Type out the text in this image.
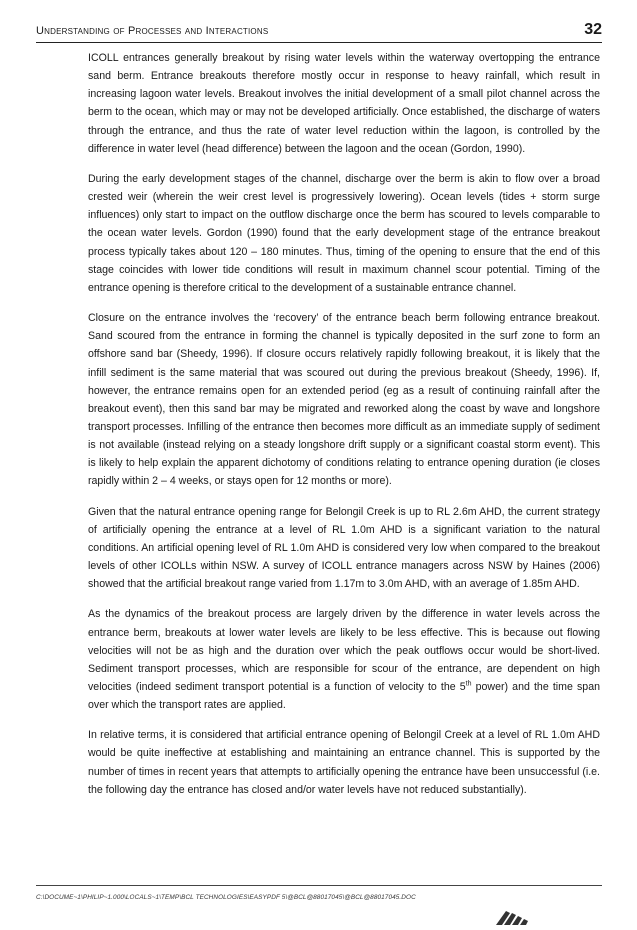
Understanding of Processes and Interactions	32

ICOLL entrances generally breakout by rising water levels within the waterway overtopping the entrance sand berm. Entrance breakouts therefore mostly occur in response to heavy rainfall, which result in increasing lagoon water levels. Breakout involves the initial development of a small pilot channel across the berm to the ocean, which may or may not be developed artificially. Once established, the discharge of waters through the entrance, and thus the rate of water level reduction within the lagoon, is controlled by the difference in water level (head difference) between the lagoon and the ocean (Gordon, 1990).

During the early development stages of the channel, discharge over the berm is akin to flow over a broad crested weir (wherein the weir crest level is progressively lowering). Ocean levels (tides + storm surge influences) only start to impact on the outflow discharge once the berm has scoured to levels comparable to the ocean water levels. Gordon (1990) found that the early development stage of the entrance breakout process typically takes about 120 – 180 minutes. Thus, timing of the opening to ensure that the end of this stage coincides with lower tide conditions will result in maximum channel scour potential. Timing of the entrance opening is therefore critical to the development of a sustainable entrance channel.

Closure on the entrance involves the ‘recovery’ of the entrance beach berm following entrance breakout. Sand scoured from the entrance in forming the channel is typically deposited in the surf zone to form an offshore sand bar (Sheedy, 1996). If closure occurs relatively rapidly following breakout, it is likely that the infill sediment is the same material that was scoured out during the previous breakout (Sheedy, 1996). If, however, the entrance remains open for an extended period (eg as a result of continuing rainfall after the breakout event), then this sand bar may be migrated and reworked along the coast by wave and longshore transport processes. Infilling of the entrance then becomes more difficult as an immediate supply of sediment is not available (instead relying on a steady longshore drift supply or a significant coastal storm event). This is likely to help explain the apparent dichotomy of conditions relating to entrance opening duration (ie closes rapidly within 2 – 4 weeks, or stays open for 12 months or more).

Given that the natural entrance opening range for Belongil Creek is up to RL 2.6m AHD, the current strategy of artificially opening the entrance at a level of RL 1.0m AHD is a significant variation to the natural conditions. An artificial opening level of RL 1.0m AHD is considered very low when compared to the breakout levels of other ICOLLs within NSW. A survey of ICOLL entrance managers across NSW by Haines (2006) showed that the artificial breakout range varied from 1.17m to 3.0m AHD, with an average of 1.85m AHD.

As the dynamics of the breakout process are largely driven by the difference in water levels across the entrance berm, breakouts at lower water levels are likely to be less effective. This is because out flowing velocities will not be as high and the duration over which the peak outflows occur would be short-lived. Sediment transport processes, which are responsible for scour of the entrance, are dependent on high velocities (indeed sediment transport potential is a function of velocity to the 5th power) and the time span over which the transport rates are applied.

In relative terms, it is considered that artificial entrance opening of Belongil Creek at a level of RL 1.0m AHD would be quite ineffective at establishing and maintaining an entrance channel. This is supported by the number of times in recent years that attempts to artificially opening the entrance have been unsuccessful (i.e. the following day the entrance has closed and/or water levels have not reduced substantially).

C:\DOCUME~1\PHILIP~1.000\LOCALS~1\TEMP\BCL TECHNOLOGIES\EASYPDF 5\@BCL@88017045\@BCL@88017045.DOC
